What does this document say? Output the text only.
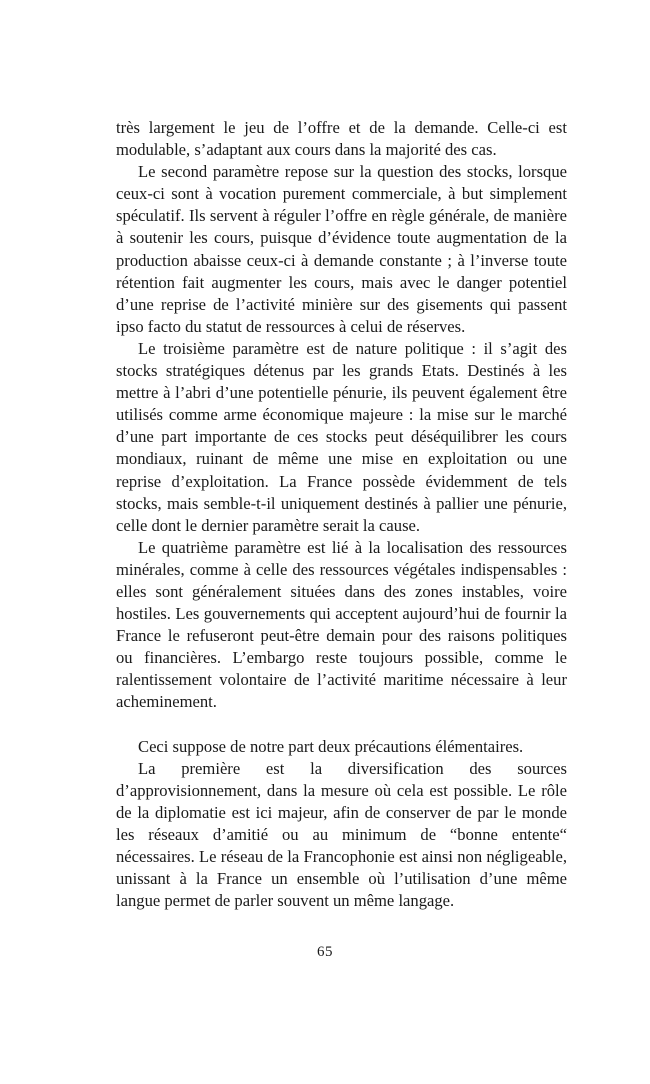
très largement le jeu de l’offre et de la demande. Celle-ci est modulable, s’adaptant aux cours dans la majorité des cas.

Le second paramètre repose sur la question des stocks, lorsque ceux-ci sont à vocation purement commerciale, à but simplement spéculatif. Ils servent à réguler l’offre en règle générale, de manière à soutenir les cours, puisque d’évidence toute augmentation de la production abaisse ceux-ci à demande constante ; à l’inverse toute rétention fait augmenter les cours, mais avec le danger potentiel d’une reprise de l’activité minière sur des gisements qui passent ipso facto du statut de ressources à celui de réserves.

Le troisième paramètre est de nature politique : il s’agit des stocks stratégiques détenus par les grands Etats. Destinés à les mettre à l’abri d’une potentielle pénurie, ils peuvent également être utilisés comme arme économique majeure : la mise sur le marché d’une part importante de ces stocks peut déséquilibrer les cours mondiaux, ruinant de même une mise en exploitation ou une reprise d’exploitation. La France possède évidemment de tels stocks, mais semble-t-il uniquement destinés à pallier une pénurie, celle dont le dernier paramètre serait la cause.

Le quatrième paramètre est lié à la localisation des ressources minérales, comme à celle des ressources végétales indispensables : elles sont généralement situées dans des zones instables, voire hostiles. Les gouvernements qui acceptent aujourd’hui de fournir la France le refuseront peut-être demain pour des raisons politiques ou financières. L’embargo reste toujours possible, comme le ralentissement volontaire de l’activité maritime nécessaire à leur acheminement.

Ceci suppose de notre part deux précautions élémentaires.

La première est la diversification des sources d’approvisionnement, dans la mesure où cela est possible. Le rôle de la diplomatie est ici majeur, afin de conserver de par le monde les réseaux d’amitié ou au minimum de “bonne entente“ nécessaires. Le réseau de la Francophonie est ainsi non négligeable, unissant à la France un ensemble où l’utilisation d’une même langue permet de parler souvent un même langage.

65
